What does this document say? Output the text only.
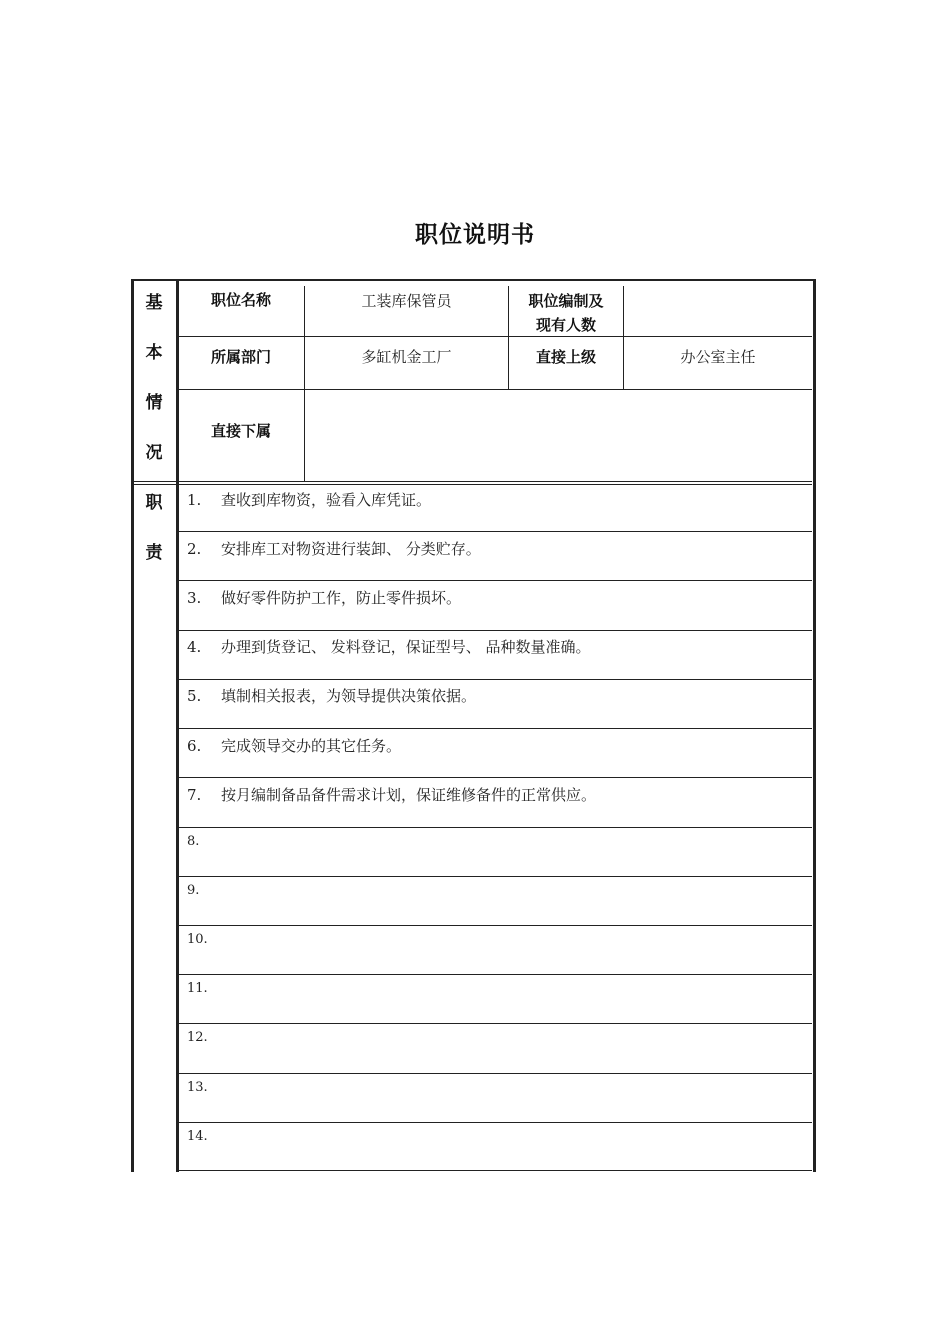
职位说明书
基
本
情
况
职
责
职位名称	工装库保管员	职位编制及
现有人数
所属部门	多缸机金工厂	直接上级	办公室主任
直接下属
1. 查收到库物资，验看入库凭证。
2. 安排库工对物资进行装卸、 分类贮存。
3. 做好零件防护工作，防止零件损坏。
4. 办理到货登记、 发料登记，保证型号、 品种数量准确。
5. 填制相关报表，为领导提供决策依据。
6. 完成领导交办的其它任务。
7. 按月编制备品备件需求计划，保证维修备件的正常供应。
8.
9.
10.
11.
12.
13.
14.
